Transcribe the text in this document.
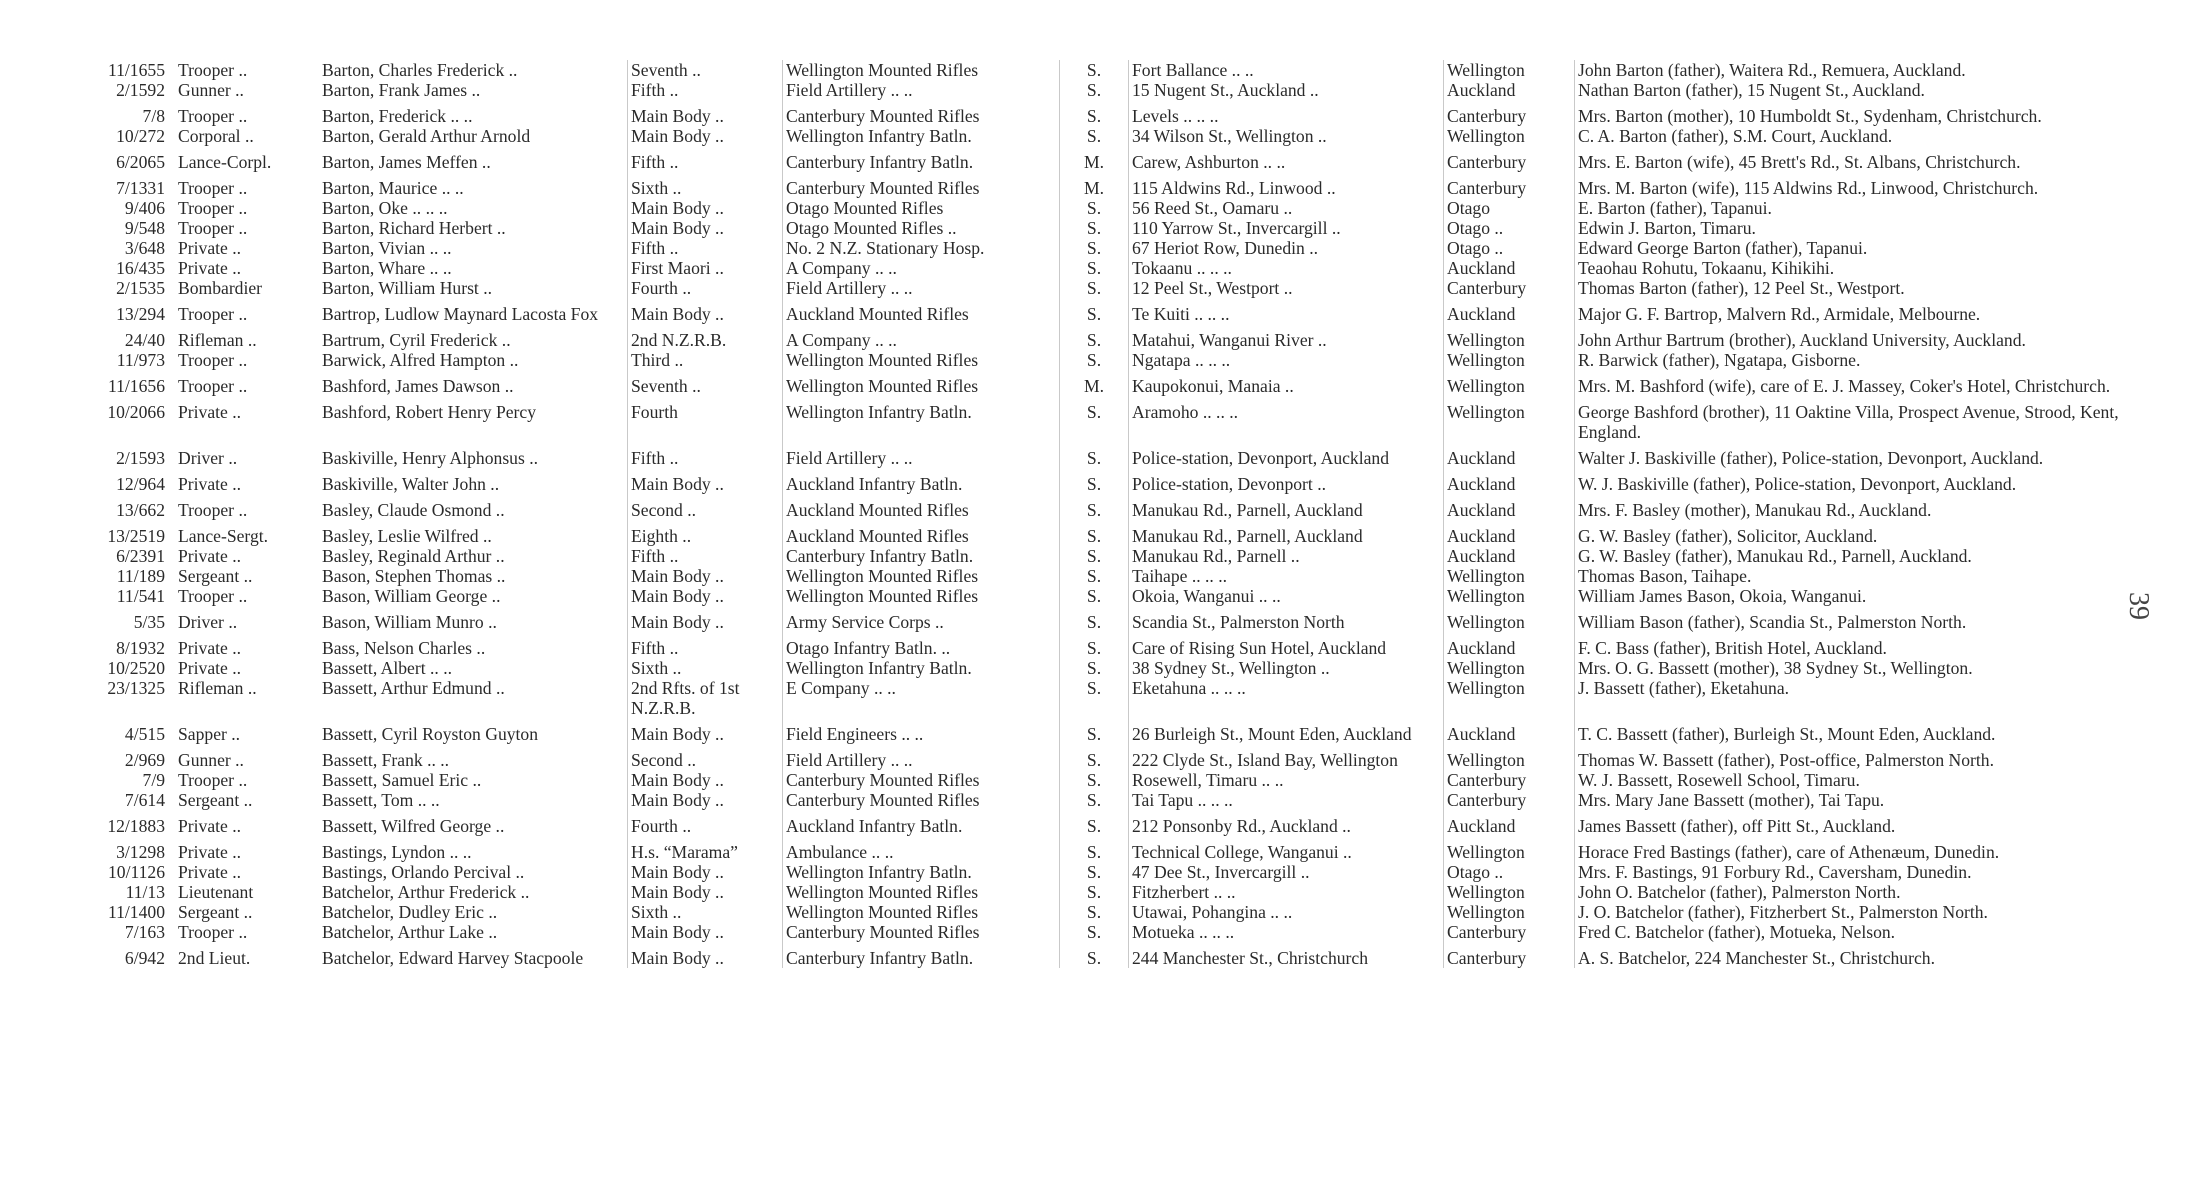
11/1655	Trooper ..	Barton, Charles Frederick ..	Seventh ..	Wellington Mounted Rifles	S.	Fort Ballance .. ..	Wellington	John Barton (father), Waitera Rd., Remuera, Auckland.
2/1592	Gunner ..	Barton, Frank James ..	Fifth ..	Field Artillery .. ..	S.	15 Nugent St., Auckland ..	Auckland	Nathan Barton (father), 15 Nugent St., Auckland.
7/8	Trooper ..	Barton, Frederick .. ..	Main Body ..	Canterbury Mounted Rifles	S.	Levels .. .. ..	Canterbury	Mrs. Barton (mother), 10 Humboldt St., Sydenham, Christchurch.
10/272	Corporal ..	Barton, Gerald Arthur Arnold	Main Body ..	Wellington Infantry Batln.	S.	34 Wilson St., Wellington ..	Wellington	C. A. Barton (father), S.M. Court, Auckland.
6/2065	Lance-Corpl.	Barton, James Meffen ..	Fifth ..	Canterbury Infantry Batln.	M.	Carew, Ashburton .. ..	Canterbury	Mrs. E. Barton (wife), 45 Brett's Rd., St. Albans, Christchurch.
7/1331	Trooper ..	Barton, Maurice .. ..	Sixth ..	Canterbury Mounted Rifles	M.	115 Aldwins Rd., Linwood ..	Canterbury	Mrs. M. Barton (wife), 115 Aldwins Rd., Linwood, Christchurch.
9/406	Trooper ..	Barton, Oke .. .. ..	Main Body ..	Otago Mounted Rifles	S.	56 Reed St., Oamaru ..	Otago	E. Barton (father), Tapanui.
9/548	Trooper ..	Barton, Richard Herbert ..	Main Body ..	Otago Mounted Rifles ..	S.	110 Yarrow St., Invercargill ..	Otago ..	Edwin J. Barton, Timaru.
3/648	Private ..	Barton, Vivian .. ..	Fifth ..	No. 2 N.Z. Stationary Hosp.	S.	67 Heriot Row, Dunedin ..	Otago ..	Edward George Barton (father), Tapanui.
16/435	Private ..	Barton, Whare .. ..	First Maori ..	A Company .. ..	S.	Tokaanu .. .. ..	Auckland	Teaohau Rohutu, Tokaanu, Kihikihi.
2/1535	Bombardier	Barton, William Hurst ..	Fourth ..	Field Artillery .. ..	S.	12 Peel St., Westport ..	Canterbury	Thomas Barton (father), 12 Peel St., Westport.
13/294	Trooper ..	Bartrop, Ludlow Maynard Lacosta Fox	Main Body ..	Auckland Mounted Rifles	S.	Te Kuiti .. .. ..	Auckland	Major G. F. Bartrop, Malvern Rd., Armidale, Melbourne.
24/40	Rifleman ..	Bartrum, Cyril Frederick ..	2nd N.Z.R.B.	A Company .. ..	S.	Matahui, Wanganui River ..	Wellington	John Arthur Bartrum (brother), Auckland University, Auckland.
11/973	Trooper ..	Barwick, Alfred Hampton ..	Third ..	Wellington Mounted Rifles	S.	Ngatapa .. .. ..	Wellington	R. Barwick (father), Ngatapa, Gisborne.
11/1656	Trooper ..	Bashford, James Dawson ..	Seventh ..	Wellington Mounted Rifles	M.	Kaupokonui, Manaia ..	Wellington	Mrs. M. Bashford (wife), care of E. J. Massey, Coker's Hotel, Christchurch.
10/2066	Private ..	Bashford, Robert Henry Percy	Fourth	Wellington Infantry Batln.	S.	Aramoho .. .. ..	Wellington	George Bashford (brother), 11 Oaktine Villa, Prospect Avenue, Strood, Kent, England.
2/1593	Driver ..	Baskiville, Henry Alphonsus ..	Fifth ..	Field Artillery .. ..	S.	Police-station, Devonport, Auckland	Auckland	Walter J. Baskiville (father), Police-station, Devonport, Auckland.
12/964	Private ..	Baskiville, Walter John ..	Main Body ..	Auckland Infantry Batln.	S.	Police-station, Devonport ..	Auckland	W. J. Baskiville (father), Police-station, Devonport, Auckland.
13/662	Trooper ..	Basley, Claude Osmond ..	Second ..	Auckland Mounted Rifles	S.	Manukau Rd., Parnell, Auckland	Auckland	Mrs. F. Basley (mother), Manukau Rd., Auckland.
13/2519	Lance-Sergt.	Basley, Leslie Wilfred ..	Eighth ..	Auckland Mounted Rifles	S.	Manukau Rd., Parnell, Auckland	Auckland	G. W. Basley (father), Solicitor, Auckland.
6/2391	Private ..	Basley, Reginald Arthur ..	Fifth ..	Canterbury Infantry Batln.	S.	Manukau Rd., Parnell ..	Auckland	G. W. Basley (father), Manukau Rd., Parnell, Auckland.
11/189	Sergeant ..	Bason, Stephen Thomas ..	Main Body ..	Wellington Mounted Rifles	S.	Taihape .. .. ..	Wellington	Thomas Bason, Taihape.
11/541	Trooper ..	Bason, William George ..	Main Body ..	Wellington Mounted Rifles	S.	Okoia, Wanganui .. ..	Wellington	William James Bason, Okoia, Wanganui.
5/35	Driver ..	Bason, William Munro ..	Main Body ..	Army Service Corps ..	S.	Scandia St., Palmerston North	Wellington	William Bason (father), Scandia St., Palmerston North.
8/1932	Private ..	Bass, Nelson Charles ..	Fifth ..	Otago Infantry Batln. ..	S.	Care of Rising Sun Hotel, Auckland	Auckland	F. C. Bass (father), British Hotel, Auckland.
10/2520	Private ..	Bassett, Albert .. ..	Sixth ..	Wellington Infantry Batln.	S.	38 Sydney St., Wellington ..	Wellington	Mrs. O. G. Bassett (mother), 38 Sydney St., Wellington.
23/1325	Rifleman ..	Bassett, Arthur Edmund ..	2nd Rfts. of 1st N.Z.R.B.	E Company .. ..	S.	Eketahuna .. .. ..	Wellington	J. Bassett (father), Eketahuna.
4/515	Sapper ..	Bassett, Cyril Royston Guyton	Main Body ..	Field Engineers .. ..	S.	26 Burleigh St., Mount Eden, Auckland	Auckland	T. C. Bassett (father), Burleigh St., Mount Eden, Auckland.
2/969	Gunner ..	Bassett, Frank .. ..	Second ..	Field Artillery .. ..	S.	222 Clyde St., Island Bay, Wellington	Wellington	Thomas W. Bassett (father), Post-office, Palmerston North.
7/9	Trooper ..	Bassett, Samuel Eric ..	Main Body ..	Canterbury Mounted Rifles	S.	Rosewell, Timaru .. ..	Canterbury	W. J. Bassett, Rosewell School, Timaru.
7/614	Sergeant ..	Bassett, Tom .. ..	Main Body ..	Canterbury Mounted Rifles	S.	Tai Tapu .. .. ..	Canterbury	Mrs. Mary Jane Bassett (mother), Tai Tapu.
12/1883	Private ..	Bassett, Wilfred George ..	Fourth ..	Auckland Infantry Batln.	S.	212 Ponsonby Rd., Auckland ..	Auckland	James Bassett (father), off Pitt St., Auckland.
3/1298	Private ..	Bastings, Lyndon .. ..	H.s. “Marama”	Ambulance .. ..	S.	Technical College, Wanganui ..	Wellington	Horace Fred Bastings (father), care of Athenæum, Dunedin.
10/1126	Private ..	Bastings, Orlando Percival ..	Main Body ..	Wellington Infantry Batln.	S.	47 Dee St., Invercargill ..	Otago ..	Mrs. F. Bastings, 91 Forbury Rd., Caversham, Dunedin.
11/13	Lieutenant	Batchelor, Arthur Frederick ..	Main Body ..	Wellington Mounted Rifles	S.	Fitzherbert .. ..	Wellington	John O. Batchelor (father), Palmerston North.
11/1400	Sergeant ..	Batchelor, Dudley Eric ..	Sixth ..	Wellington Mounted Rifles	S.	Utawai, Pohangina .. ..	Wellington	J. O. Batchelor (father), Fitzherbert St., Palmerston North.
7/163	Trooper ..	Batchelor, Arthur Lake ..	Main Body ..	Canterbury Mounted Rifles	S.	Motueka .. .. ..	Canterbury	Fred C. Batchelor (father), Motueka, Nelson.
6/942	2nd Lieut.	Batchelor, Edward Harvey Stacpoole	Main Body ..	Canterbury Infantry Batln.	S.	244 Manchester St., Christchurch	Canterbury	A. S. Batchelor, 224 Manchester St., Christchurch.
39
